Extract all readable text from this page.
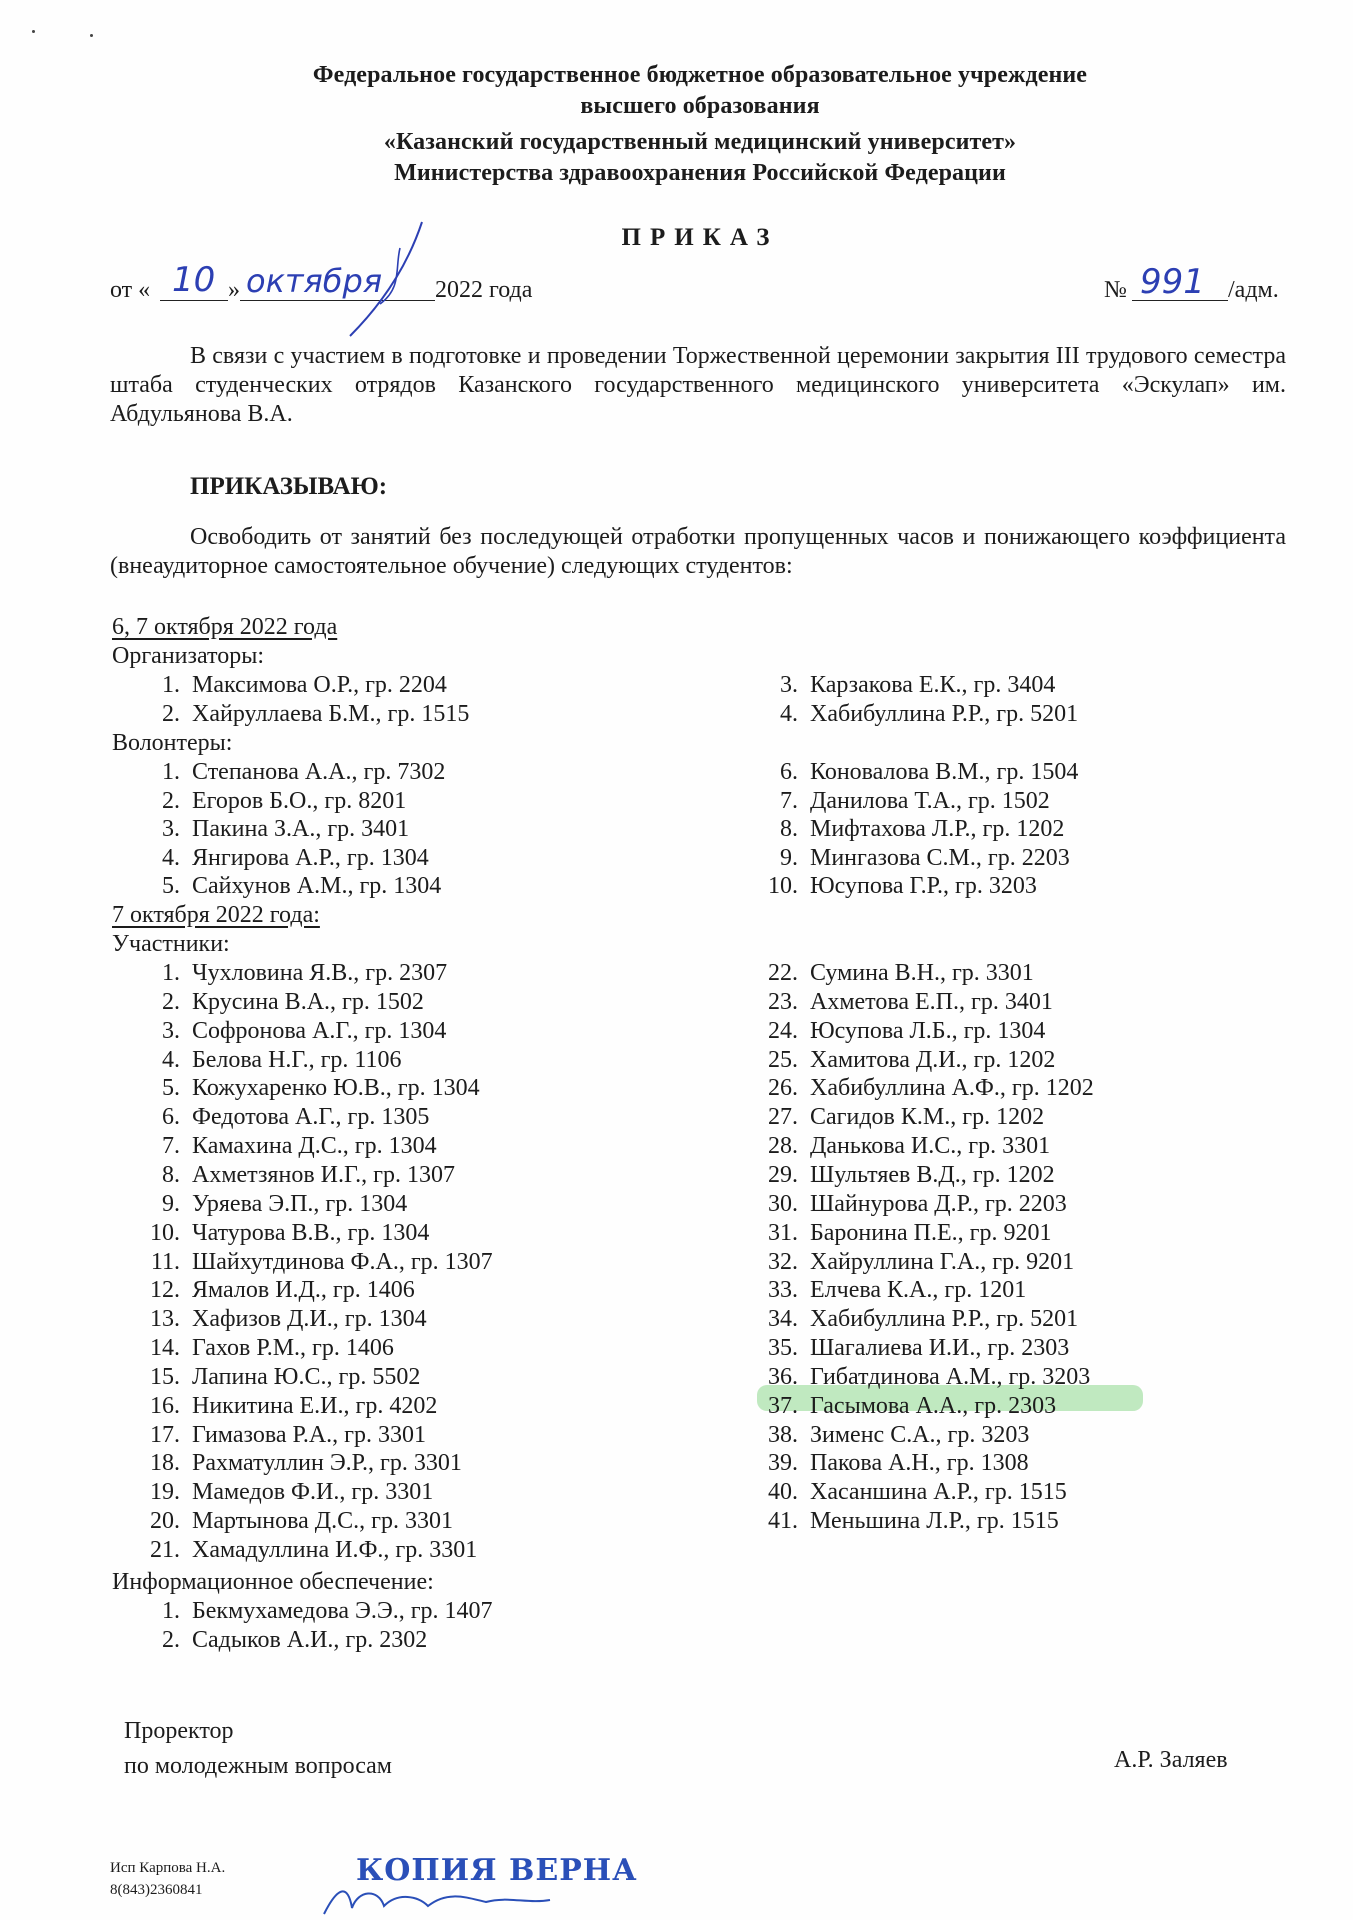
Федеральное государственное бюджетное образовательное учреждение
высшего образования
«Казанский государственный медицинский университет»
Министерства здравоохранения Российской Федерации
ПРИКАЗ
от « 10 » октября 2022 года	№ 991 /адм.
В связи с участием в подготовке и проведении Торжественной церемонии закрытия III трудового семестра штаба студенческих отрядов Казанского государственного медицинского университета «Эскулап» им. Абдульянова В.А.
ПРИКАЗЫВАЮ:
Освободить от занятий без последующей отработки пропущенных часов и понижающего коэффициента (внеаудиторное самостоятельное обучение) следующих студентов:
6, 7 октября 2022 года
Организаторы:
1. Максимова О.Р., гр. 2204
2. Хайруллаева Б.М., гр. 1515
3. Карзакова Е.К., гр. 3404
4. Хабибуллина Р.Р., гр. 5201
Волонтеры:
1. Степанова А.А., гр. 7302
2. Егоров Б.О., гр. 8201
3. Пакина З.А., гр. 3401
4. Янгирова А.Р., гр. 1304
5. Сайхунов А.М., гр. 1304
6. Коновалова В.М., гр. 1504
7. Данилова Т.А., гр. 1502
8. Мифтахова Л.Р., гр. 1202
9. Мингазова С.М., гр. 2203
10. Юсупова Г.Р., гр. 3203
7 октября 2022 года:
Участники:
1. Чухловина Я.В., гр. 2307
2. Крусина В.А., гр. 1502
3. Софронова А.Г., гр. 1304
4. Белова Н.Г., гр. 1106
5. Кожухаренко Ю.В., гр. 1304
6. Федотова А.Г., гр. 1305
7. Камахина Д.С., гр. 1304
8. Ахметзянов И.Г., гр. 1307
9. Уряева Э.П., гр. 1304
10. Чатурова В.В., гр. 1304
11. Шайхутдинова Ф.А., гр. 1307
12. Ямалов И.Д., гр. 1406
13. Хафизов Д.И., гр. 1304
14. Гахов Р.М., гр. 1406
15. Лапина Ю.С., гр. 5502
16. Никитина Е.И., гр. 4202
17. Гимазова Р.А., гр. 3301
18. Рахматуллин Э.Р., гр. 3301
19. Мамедов Ф.И., гр. 3301
20. Мартынова Д.С., гр. 3301
21. Хамадуллина И.Ф., гр. 3301
22. Сумина В.Н., гр. 3301
23. Ахметова Е.П., гр. 3401
24. Юсупова Л.Б., гр. 1304
25. Хамитова Д.И., гр. 1202
26. Хабибуллина А.Ф., гр. 1202
27. Сагидов К.М., гр. 1202
28. Данькова И.С., гр. 3301
29. Шультяев В.Д., гр. 1202
30. Шайнурова Д.Р., гр. 2203
31. Баронина П.Е., гр. 9201
32. Хайруллина Г.А., гр. 9201
33. Елчева К.А., гр. 1201
34. Хабибуллина Р.Р., гр. 5201
35. Шагалиева И.И., гр. 2303
36. Гибатдинова А.М., гр. 3203
37. Гасымова А.А., гр. 2303
38. Зименс С.А., гр. 3203
39. Пакова А.Н., гр. 1308
40. Хасаншина А.Р., гр. 1515
41. Меньшина Л.Р., гр. 1515
Информационное обеспечение:
1. Бекмухамедова Э.Э., гр. 1407
2. Садыков А.И., гр. 2302
Проректор
по молодежным вопросам	А.Р. Заляев
Исп Карпова Н.А.
8(843)2360841
КОПИЯ ВЕРНА
